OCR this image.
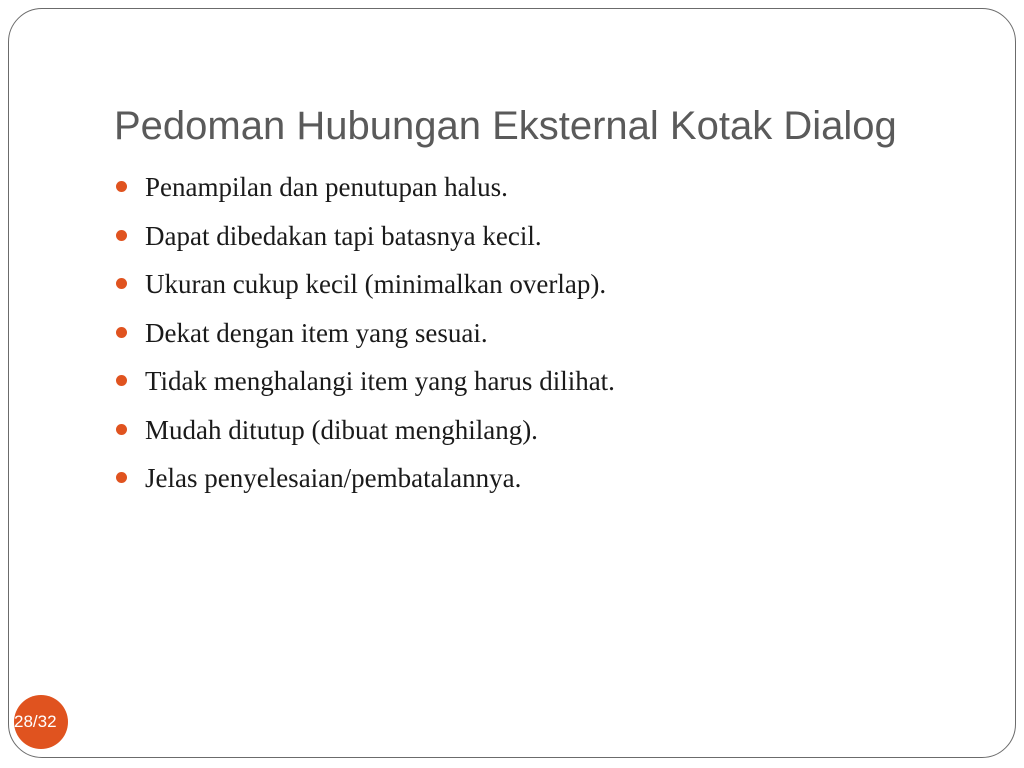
Pedoman Hubungan Eksternal Kotak Dialog
Penampilan dan penutupan halus.
Dapat dibedakan tapi batasnya kecil.
Ukuran cukup kecil (minimalkan overlap).
Dekat dengan item yang sesuai.
Tidak menghalangi item yang harus dilihat.
Mudah ditutup (dibuat menghilang).
Jelas penyelesaian/pembatalannya.
28/32
